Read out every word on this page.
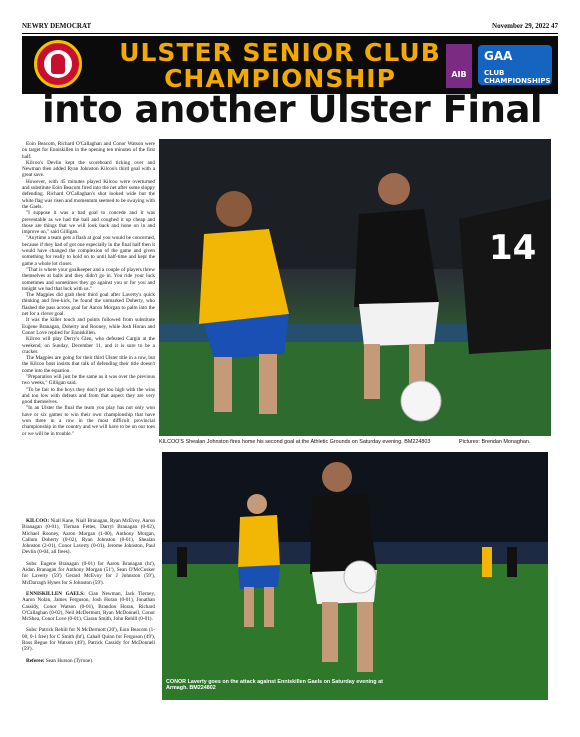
NEWRY DEMOCRAT	November 29, 2022 47
ULSTER SENIOR CLUB
CHAMPIONSHIP	AIB
GAA
CLUB CHAMPIONSHIPS
into another Ulster Final

Eoin Beacom, Richard O'Callaghan and Conor Watson were on target for Enniskillen in the opening ten minutes of the first half.

Kilcoo's Devlin kept the scoreboard ticking over and Newman then added Ryan Johnston Kilcoo's third goal with a great save.

However, with 45 minutes played Kilcoo were overturned and substitute Eoin Beacom fired into the net after some sloppy defending. Richard O'Callaghan's shot looked wide but the white flag was risen and momentum seemed to be swaying with the Gaels.

"I suppose it was a bad goal to concede and it was preventable as we had the ball and coughed it up cheap and those are things that we will look back and hone on in and improve on," said Gilligan.

"Anytime a team gets a flash at goal you would be concerned, because if they had of got one especially in the final half then it would have changed the complexion of the game and given something for really to hold on to until half-time and kept the game a whole lot closer.

"That is where your goalkeeper and a couple of players threw themselves at balls and they didn't go in. You ride your luck sometimes and sometimes they go against you or for you and tonight we had that luck with us."

The Magpies did grab their third goal after Laverty's quick thinking and free-kick, he found the unmarked Doherty, who flashed the pass across goal for Aaron Morgan to palm into the net for a clever goal.

It was the killer touch and points followed from substitute Eugene Branagan, Doherty and Rooney, while Josh Horan and Conor Love replied for Enniskillen.

Kilcoo will play Derry's Glen, who defeated Cargin at the weekend, on Sunday, December 11, and it is sure to be a cracker.

The Magpies are going for their third Ulster title in a row, but the Kilcoo boss insists that talk of defending their title doesn't come into the equation.

"Preparation will just be the same as it was over the previous two weeks," Gilligan said.

"To be fair to the boys they don't get too high with the wins and too low with defeats and from that aspect they are very good themselves.

"In an Ulster the final the team you play has not only won have or six games to win their own championship that have won three in a row in the most difficult provincial championship in the country and we will have to be on our toes or we will be in trouble."

KILCOO: Niall Kane, Niall Branagan, Ryan McEvoy, Aaron Branagan (0-01), Tiernan Fettes, Darryl Branagan (0-02), Michael Rooney, Aaron Morgan (1-00), Anthony Morgan, Callum Doherty (0-02), Ryan Johnston (0-01), Shealan Johnston (2-01), Conor Laverty (0-01), Jerome Johnston, Paul Devlin (0-04, all frees).

Subs: Eugene Branagan (0-01) for Aaron Branagan (ht'), Aidan Branagan for Anthony Morgan (51'), Sean O'McCusker for Laverty (59') Gerard McEvoy for J Johnston (59'), McDarragh Hynes for S Johnston (59').

ENNISKILLEN GAELS: Cian Newman, Jack Tierney, Aaron Nolan, James Ferguson, Josh Horan (0-01), Jonathan Cassidy, Conor Watson (0-01), Brandon Horan, Richard O'Callaghan (0-02), Neil McDermott, Ryan McDonnell, Conor McShea, Conor Love (0-01), Ciaran Smith, John Rehill (0-01).

Subs: Patrick Rehill for N McDermott (20'), Eoin Beacom (1-00, 0-1 free) for C Smith (ht'), Cahall Quinn for Ferguson (49'), Ross Begue for Watson (49'), Patrick Cassidy for McDonnell (59').

Referee: Sean Hurson (Tyrone).

14
KILCOO'S Shealan Johnston fires home his second goal at the Athletic Grounds on Saturday evening. BM224803	Pictures: Brendan Monaghan.
CONOR Laverty goes on the attack against Enniskillen Gaels on Saturday evening at Armagh. BM224802
